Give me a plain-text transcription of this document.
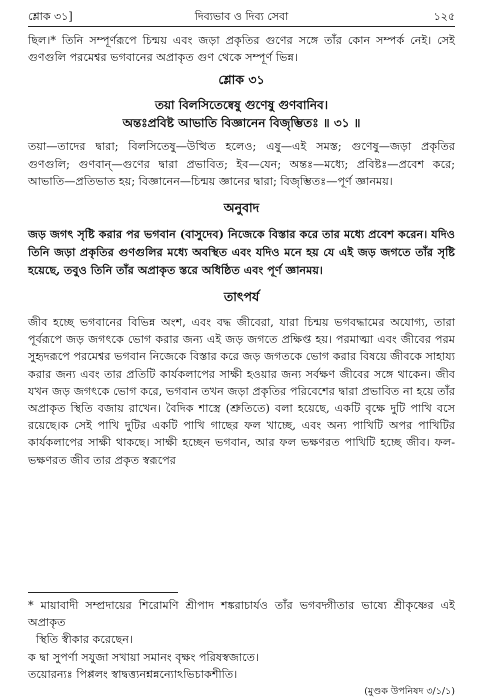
শ্লোক ৩১]	দিব্যভাব ও দিব্য সেবা	১২৫

ছিল।* তিনি সম্পূর্ণরূপে চিন্ময় এবং জড়া প্রকৃতির গুণের সঙ্গে তাঁর কোন সম্পর্ক নেই। সেই গুণগুলি পরমেশ্বর ভগবানের অপ্রাকৃত গুণ থেকে সম্পূর্ণ ভিন্ন।

শ্লোক ৩১
তয়া বিলসিতেষ্বেষু গুণেষু গুণবানিব।
অন্তঃপ্রবিষ্ট আভাতি বিজ্ঞানেন বিজৃম্ভিতঃ ॥ ৩১ ॥

তয়া—তাদের দ্বারা; বিলসিতেষু—উত্থিত হলেও; এষু—এই সমস্ত; গুণেষু—জড়া প্রকৃতির গুণগুলি; গুণবান্—গুণের দ্বারা প্রভাবিত; ইব—যেন; অন্তঃ—মধ্যে; প্রবিষ্টঃ—প্রবেশ করে; আভাতি—প্রতিভাত হয়; বিজ্ঞানেন—চিন্ময় জ্ঞানের দ্বারা; বিজৃম্ভিতঃ—পূর্ণ জ্ঞানময়।

অনুবাদ

জড় জগৎ সৃষ্টি করার পর ভগবান (বাসুদেব) নিজেকে বিস্তার করে তার মধ্যে প্রবেশ করেন। যদিও তিনি জড়া প্রকৃতির গুণগুলির মধ্যে অবস্থিত এবং যদিও মনে হয় যে এই জড় জগতে তাঁর সৃষ্টি হয়েছে, তবুও তিনি তাঁর অপ্রাকৃত স্তরে অধিষ্ঠিত এবং পূর্ণ জ্ঞানময়।

তাৎপর্য

জীব হচ্ছে ভগবানের বিভিন্ন অংশ, এবং বদ্ধ জীবেরা, যারা চিন্ময় ভগবদ্ধামের অযোগ্য, তারা পূর্বরূপে জড় জগৎকে ভোগ করার জন্য এই জড় জগতে প্রক্ষিপ্ত হয়। পরমাত্মা এবং জীবের পরম সুহৃদরূপে পরমেশ্বর ভগবান নিজেকে বিস্তার করে জড় জগতকে ভোগ করার বিষয়ে জীবকে সাহায্য করার জন্য এবং তার প্রতিটি কার্যকলাপের সাক্ষী হওয়ার জন্য সর্বক্ষণ জীবের সঙ্গে থাকেন। জীব যখন জড় জগৎকে ভোগ করে, ভগবান তখন জড়া প্রকৃতির পরিবেশের দ্বারা প্রভাবিত না হয়ে তাঁর অপ্রাকৃত স্থিতি বজায় রাখেন। বৈদিক শাস্ত্রে (শ্রুতিতে) বলা হয়েছে, একটি বৃক্ষে দুটি পাখি বসে রয়েছে।ক সেই পাখি দুটির একটি পাখি গাছের ফল খাচ্ছে, এবং অন্য পাখিটি অপর পাখিটির কার্যকলাপের সাক্ষী থাকছে। সাক্ষী হচ্ছেন ভগবান, আর ফল ভক্ষণরত পাখিটি হচ্ছে জীব। ফল-ভক্ষণরত জীব তার প্রকৃত স্বরূপের

* মায়াবাদী সম্প্রদায়ের শিরোমণি শ্রীপাদ শঙ্করাচার্যও তাঁর ভগবদ্গীতার ভাষ্যে শ্রীকৃষ্ণের এই অপ্রাকৃত
স্থিতি স্বীকার করেছেন।

ক দ্বা সুপর্ণা সযুজা সখায়া সমানং বৃক্ষং পরিষস্বজাতে।
তয়োরন্যঃ পিপ্পলং স্বাদ্বত্ত্যনশ্নন্নন্যোঽভিচাকশীতি।

(মুণ্ডক উপনিষদ ৩/১/১)
